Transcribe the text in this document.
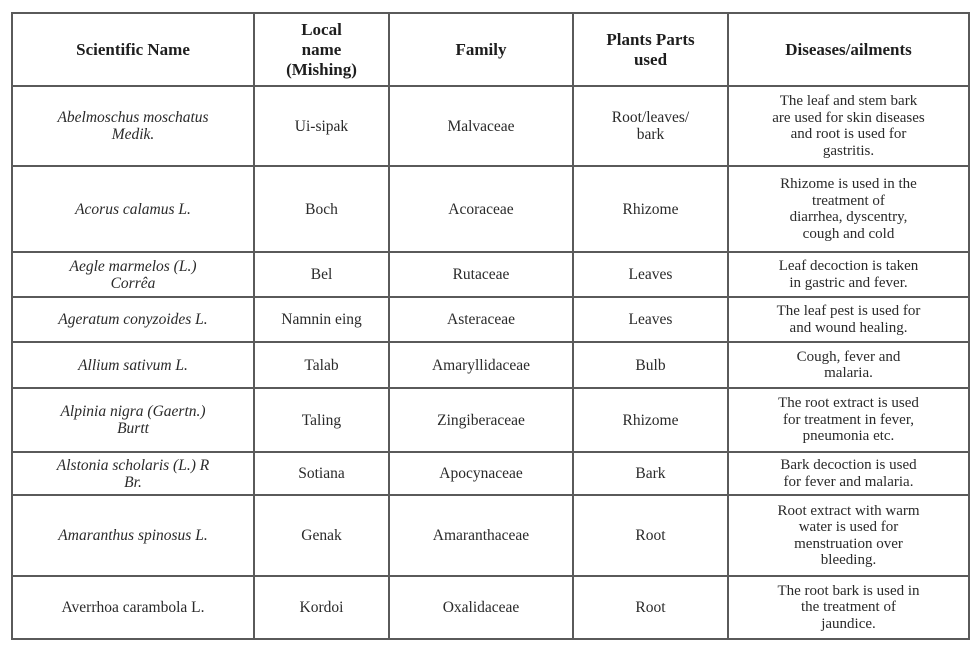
Scientific Name	Local
name
(Mishing)	Family	Plants Parts
used	Diseases/ailments

Abelmoschus moschatus
Medik.	Ui-sipak	Malvaceae	Root/leaves/
bark	The leaf and stem bark
are used for skin diseases
and root is used for
gastritis.

Acorus calamus L.	Boch	Acoraceae	Rhizome	Rhizome is used in the
treatment of
diarrhea, dyscentry,
cough and cold

Aegle marmelos (L.)
Corrêa	Bel	Rutaceae	Leaves	Leaf decoction is taken
in gastric and fever.

Ageratum conyzoides L.	Namnin eing	Asteraceae	Leaves	The leaf pest is used for
and wound healing.

Allium sativum L.	Talab	Amaryllidaceae	Bulb	Cough, fever and
malaria.

Alpinia nigra (Gaertn.)
Burtt	Taling	Zingiberaceae	Rhizome	The root extract is used
for treatment in fever,
pneumonia etc.

Alstonia scholaris (L.) R
Br.	Sotiana	Apocynaceae	Bark	Bark decoction is used
for fever and malaria.

Amaranthus spinosus L.	Genak	Amaranthaceae	Root	Root extract with warm
water is used for
menstruation over
bleeding.

Averrhoa carambola L.	Kordoi	Oxalidaceae	Root	The root bark is used in
the treatment of
jaundice.
